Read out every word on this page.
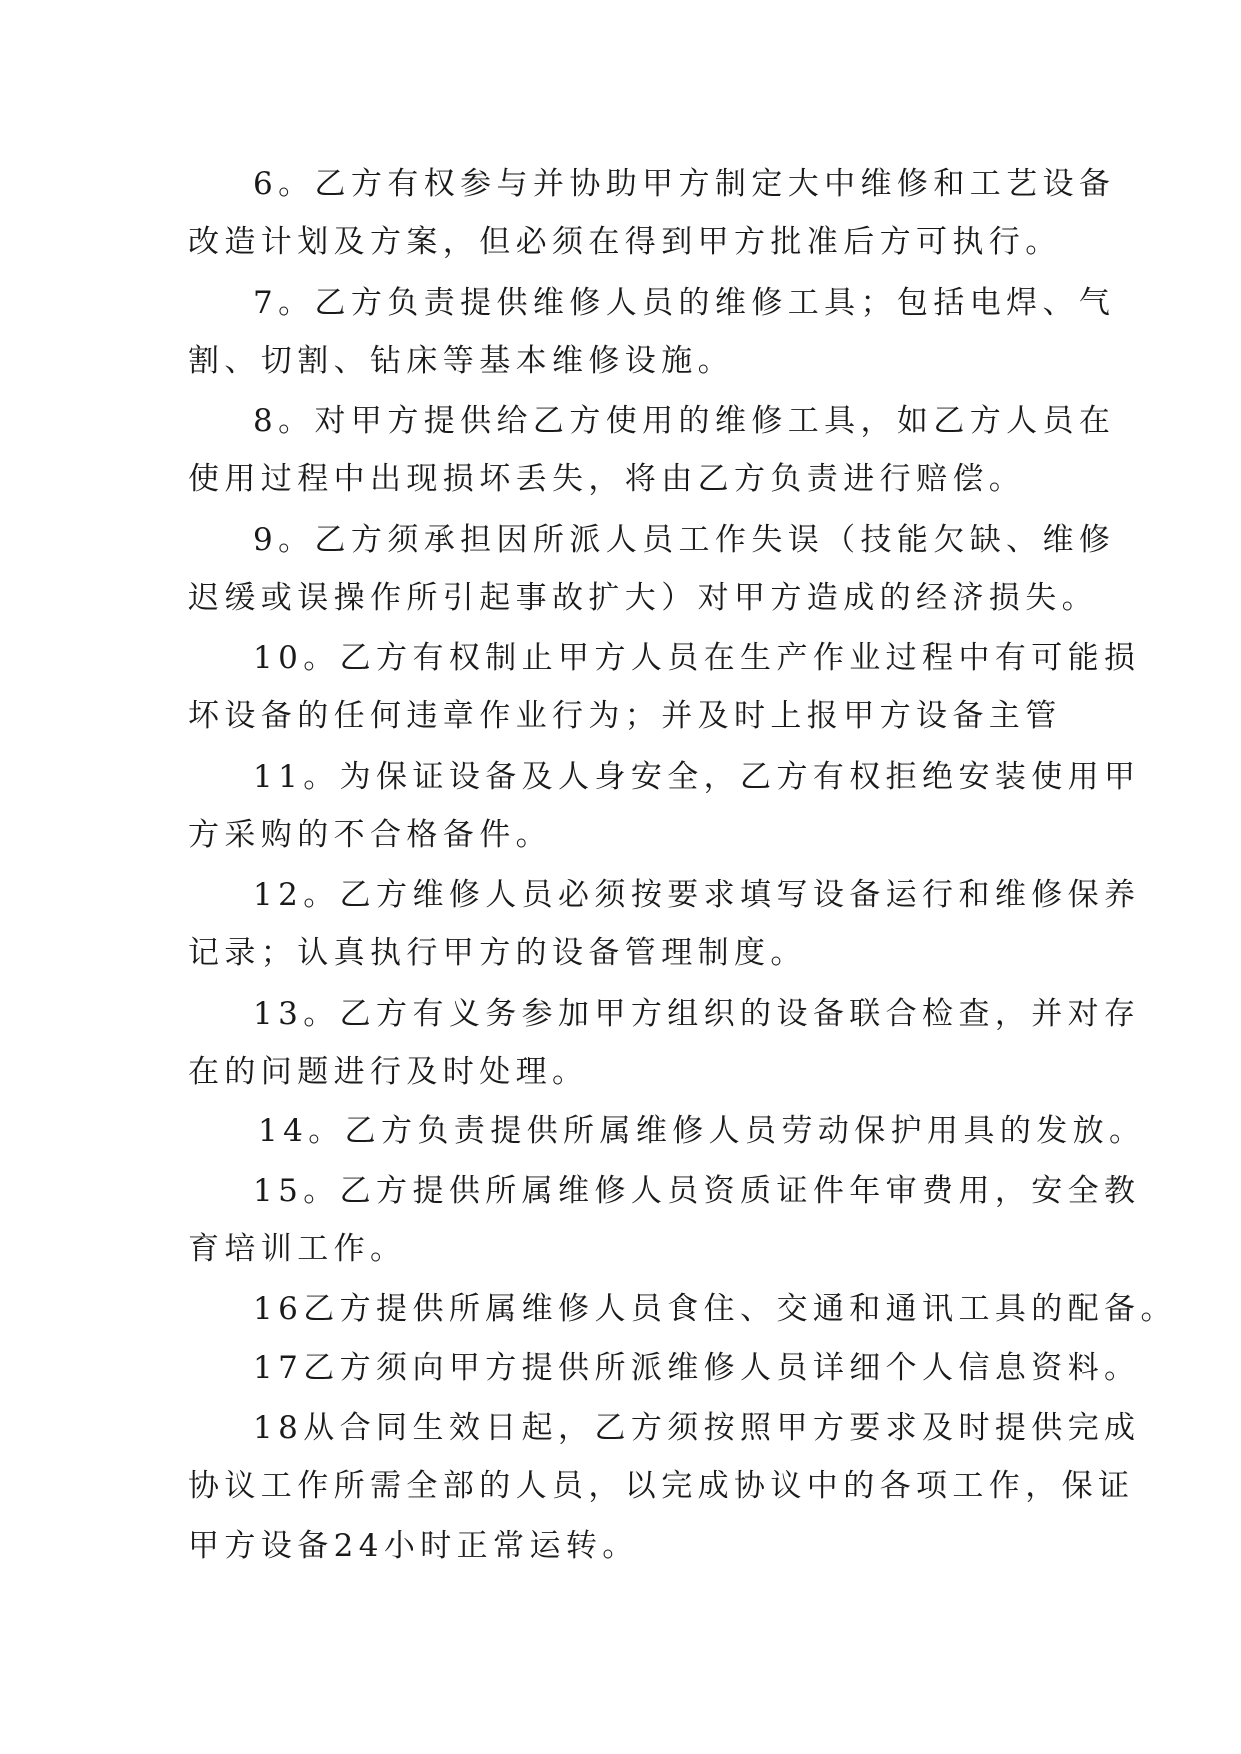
6。乙方有权参与并协助甲方制定大中维修和工艺设备
改造计划及方案，但必须在得到甲方批准后方可执行。
7。乙方负责提供维修人员的维修工具；包括电焊、气
割、切割、钻床等基本维修设施。
8。对甲方提供给乙方使用的维修工具，如乙方人员在
使用过程中出现损坏丢失，将由乙方负责进行赔偿。
9。乙方须承担因所派人员工作失误（技能欠缺、维修
迟缓或误操作所引起事故扩大）对甲方造成的经济损失。
10。乙方有权制止甲方人员在生产作业过程中有可能损
坏设备的任何违章作业行为；并及时上报甲方设备主管
11。为保证设备及人身安全，乙方有权拒绝安装使用甲
方采购的不合格备件。
12。乙方维修人员必须按要求填写设备运行和维修保养
记录；认真执行甲方的设备管理制度。
13。乙方有义务参加甲方组织的设备联合检查，并对存
在的问题进行及时处理。
14。乙方负责提供所属维修人员劳动保护用具的发放。
15。乙方提供所属维修人员资质证件年审费用，安全教
育培训工作。
16乙方提供所属维修人员食住、交通和通讯工具的配备。
17乙方须向甲方提供所派维修人员详细个人信息资料。
18从合同生效日起，乙方须按照甲方要求及时提供完成
协议工作所需全部的人员，以完成协议中的各项工作，保证
甲方设备24小时正常运转。
